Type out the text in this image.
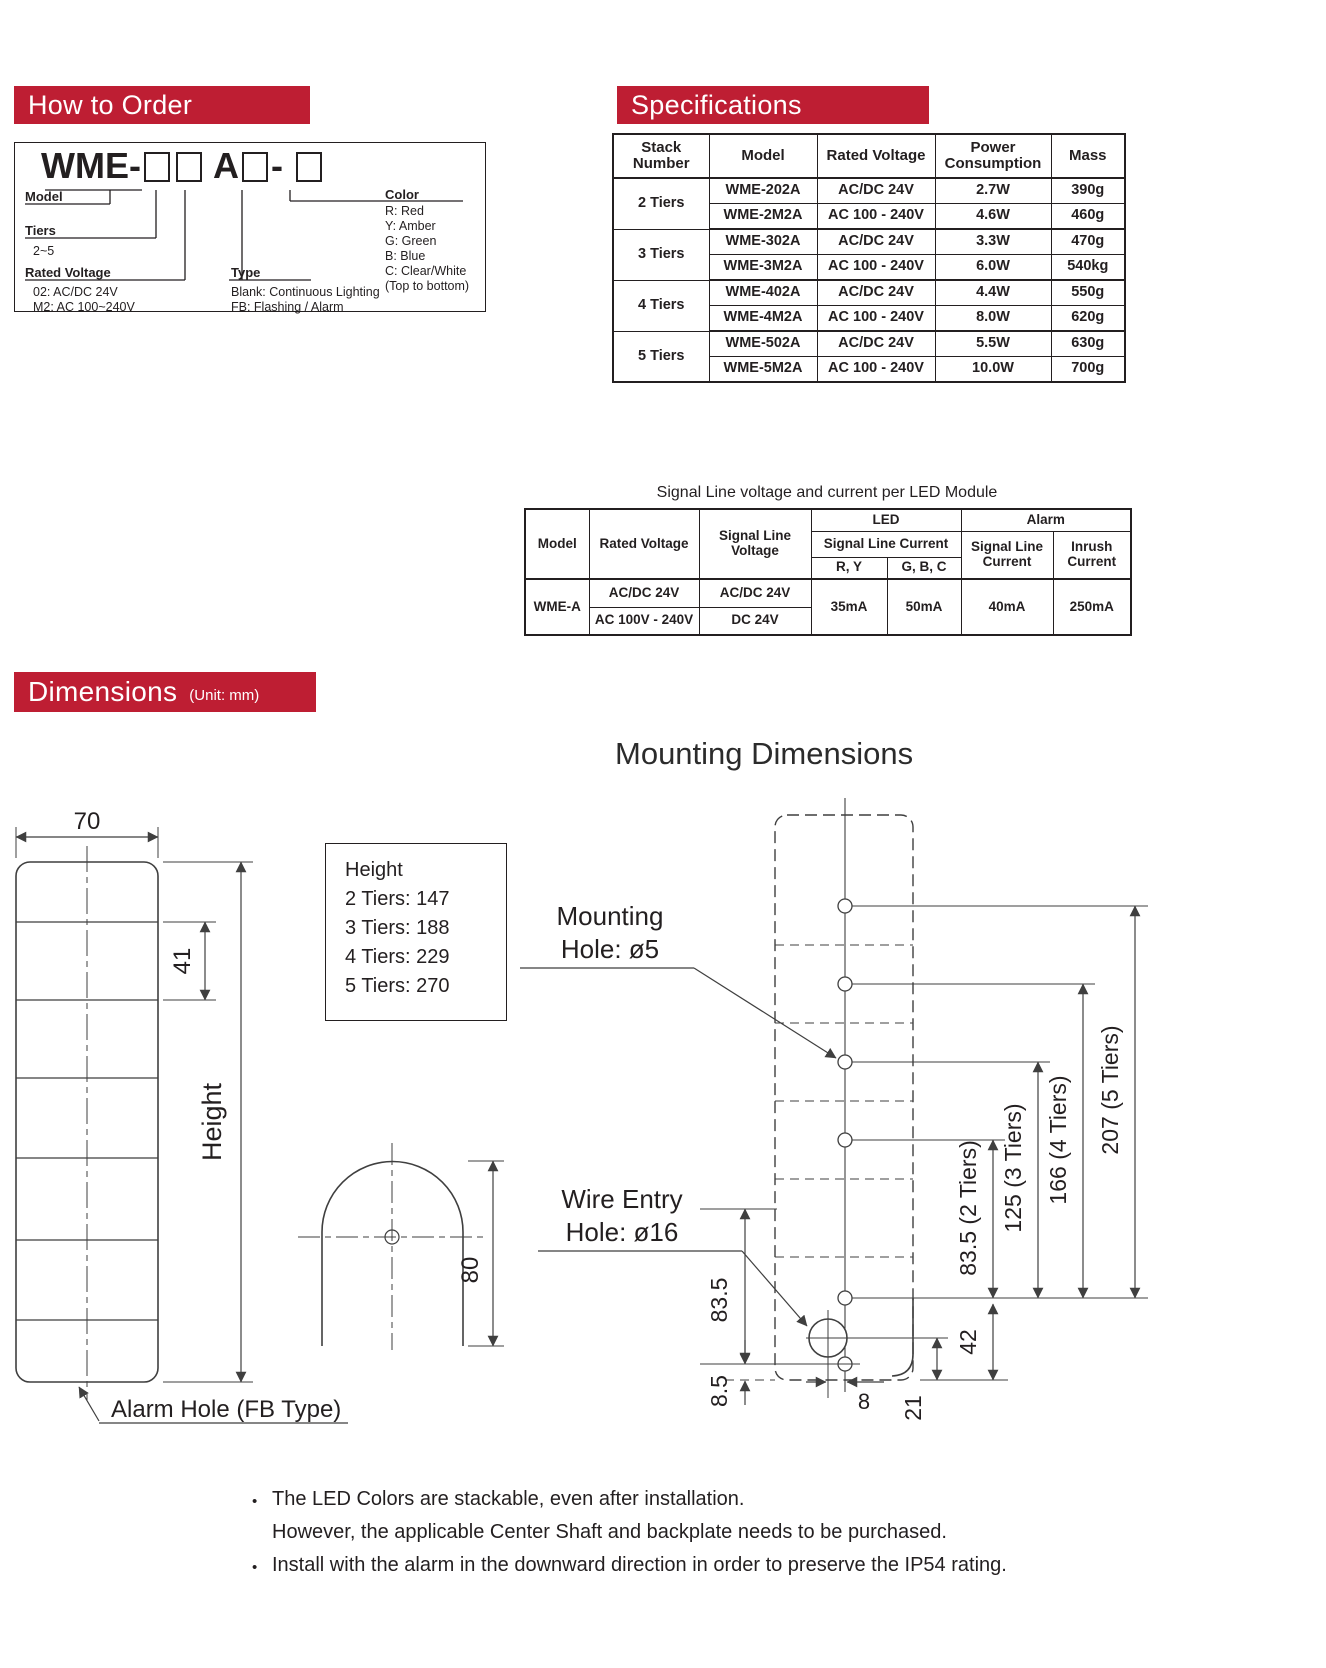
How to Order
WME- A -
Model
Tiers
2~5
Rated Voltage
02: AC/DC 24V
M2: AC 100~240V
Type
Blank: Continuous Lighting
FB: Flashing / Alarm
Color
R: Red
Y: Amber
G: Green
B: Blue
C: Clear/White
(Top to bottom)
Specifications
Stack Number	Model	Rated Voltage	Power Consumption	Mass
2 Tiers	WME-202A	AC/DC 24V	2.7W	390g
	WME-2M2A	AC 100 - 240V	4.6W	460g
3 Tiers	WME-302A	AC/DC 24V	3.3W	470g
	WME-3M2A	AC 100 - 240V	6.0W	540kg
4 Tiers	WME-402A	AC/DC 24V	4.4W	550g
	WME-4M2A	AC 100 - 240V	8.0W	620g
5 Tiers	WME-502A	AC/DC 24V	5.5W	630g
	WME-5M2A	AC 100 - 240V	10.0W	700g
Signal Line voltage and current per LED Module
Model	Rated Voltage	Signal Line Voltage	LED		Alarm	
			Signal Line Current		Signal Line Current	Inrush Current
			R, Y	G, B, C		
WME-A	AC/DC 24V	AC/DC 24V	35mA	50mA	40mA	250mA
	AC 100V - 240V	DC 24V				
Dimensions (Unit: mm)
Mounting Dimensions
Height
2 Tiers: 147
3 Tiers: 188
4 Tiers: 229
5 Tiers: 270
70
41
Height
Alarm Hole (FB Type)
80
Mounting
Hole: ø5
Wire Entry
Hole: ø16	83.5 (2 Tiers) 125 (3 Tiers) 166 (4 Tiers) 207 (5 Tiers)
42
21
8
83.5
8.5
• The LED Colors are stackable, even after installation.
However, the applicable Center Shaft and backplate needs to be purchased.
• Install with the alarm in the downward direction in order to preserve the IP54 rating.
